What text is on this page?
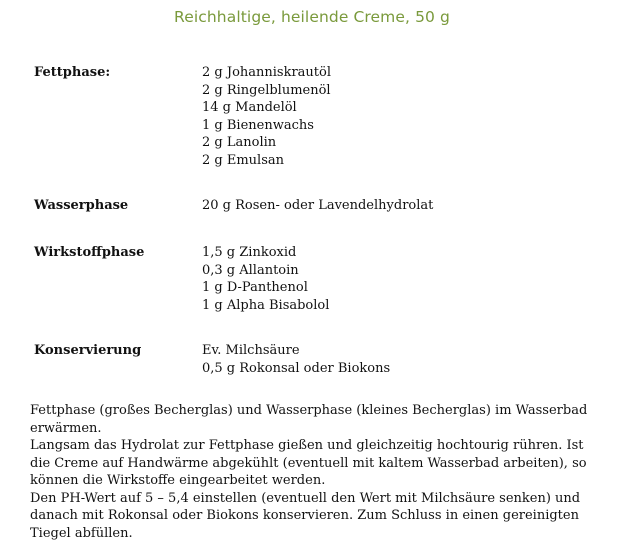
Reichhaltige, heilende Creme, 50 g
Fettphase:	2 g Johanniskrautöl
2 g Ringelblumenöl
14 g Mandelöl
1 g Bienenwachs
2 g Lanolin
2 g Emulsan
Wasserphase	20 g Rosen- oder Lavendelhydrolat
Wirkstoffphase	1,5 g Zinkoxid
0,3 g Allantoin
1 g D-Panthenol
1 g Alpha Bisabolol
Konservierung	Ev. Milchsäure
0,5 g Rokonsal oder Biokons

Fettphase (großes Becherglas) und Wasserphase (kleines Becherglas) im Wasserbad erwärmen.

Langsam das Hydrolat zur Fettphase gießen und gleichzeitig hochtourig rühren. Ist die Creme auf Handwärme abgekühlt (eventuell mit kaltem Wasserbad arbeiten), so können die Wirkstoffe eingearbeitet werden.

Den PH-Wert auf 5 – 5,4 einstellen (eventuell den Wert mit Milchsäure senken) und danach mit Rokonsal oder Biokons konservieren. Zum Schluss in einen gereinigten Tiegel abfüllen.
